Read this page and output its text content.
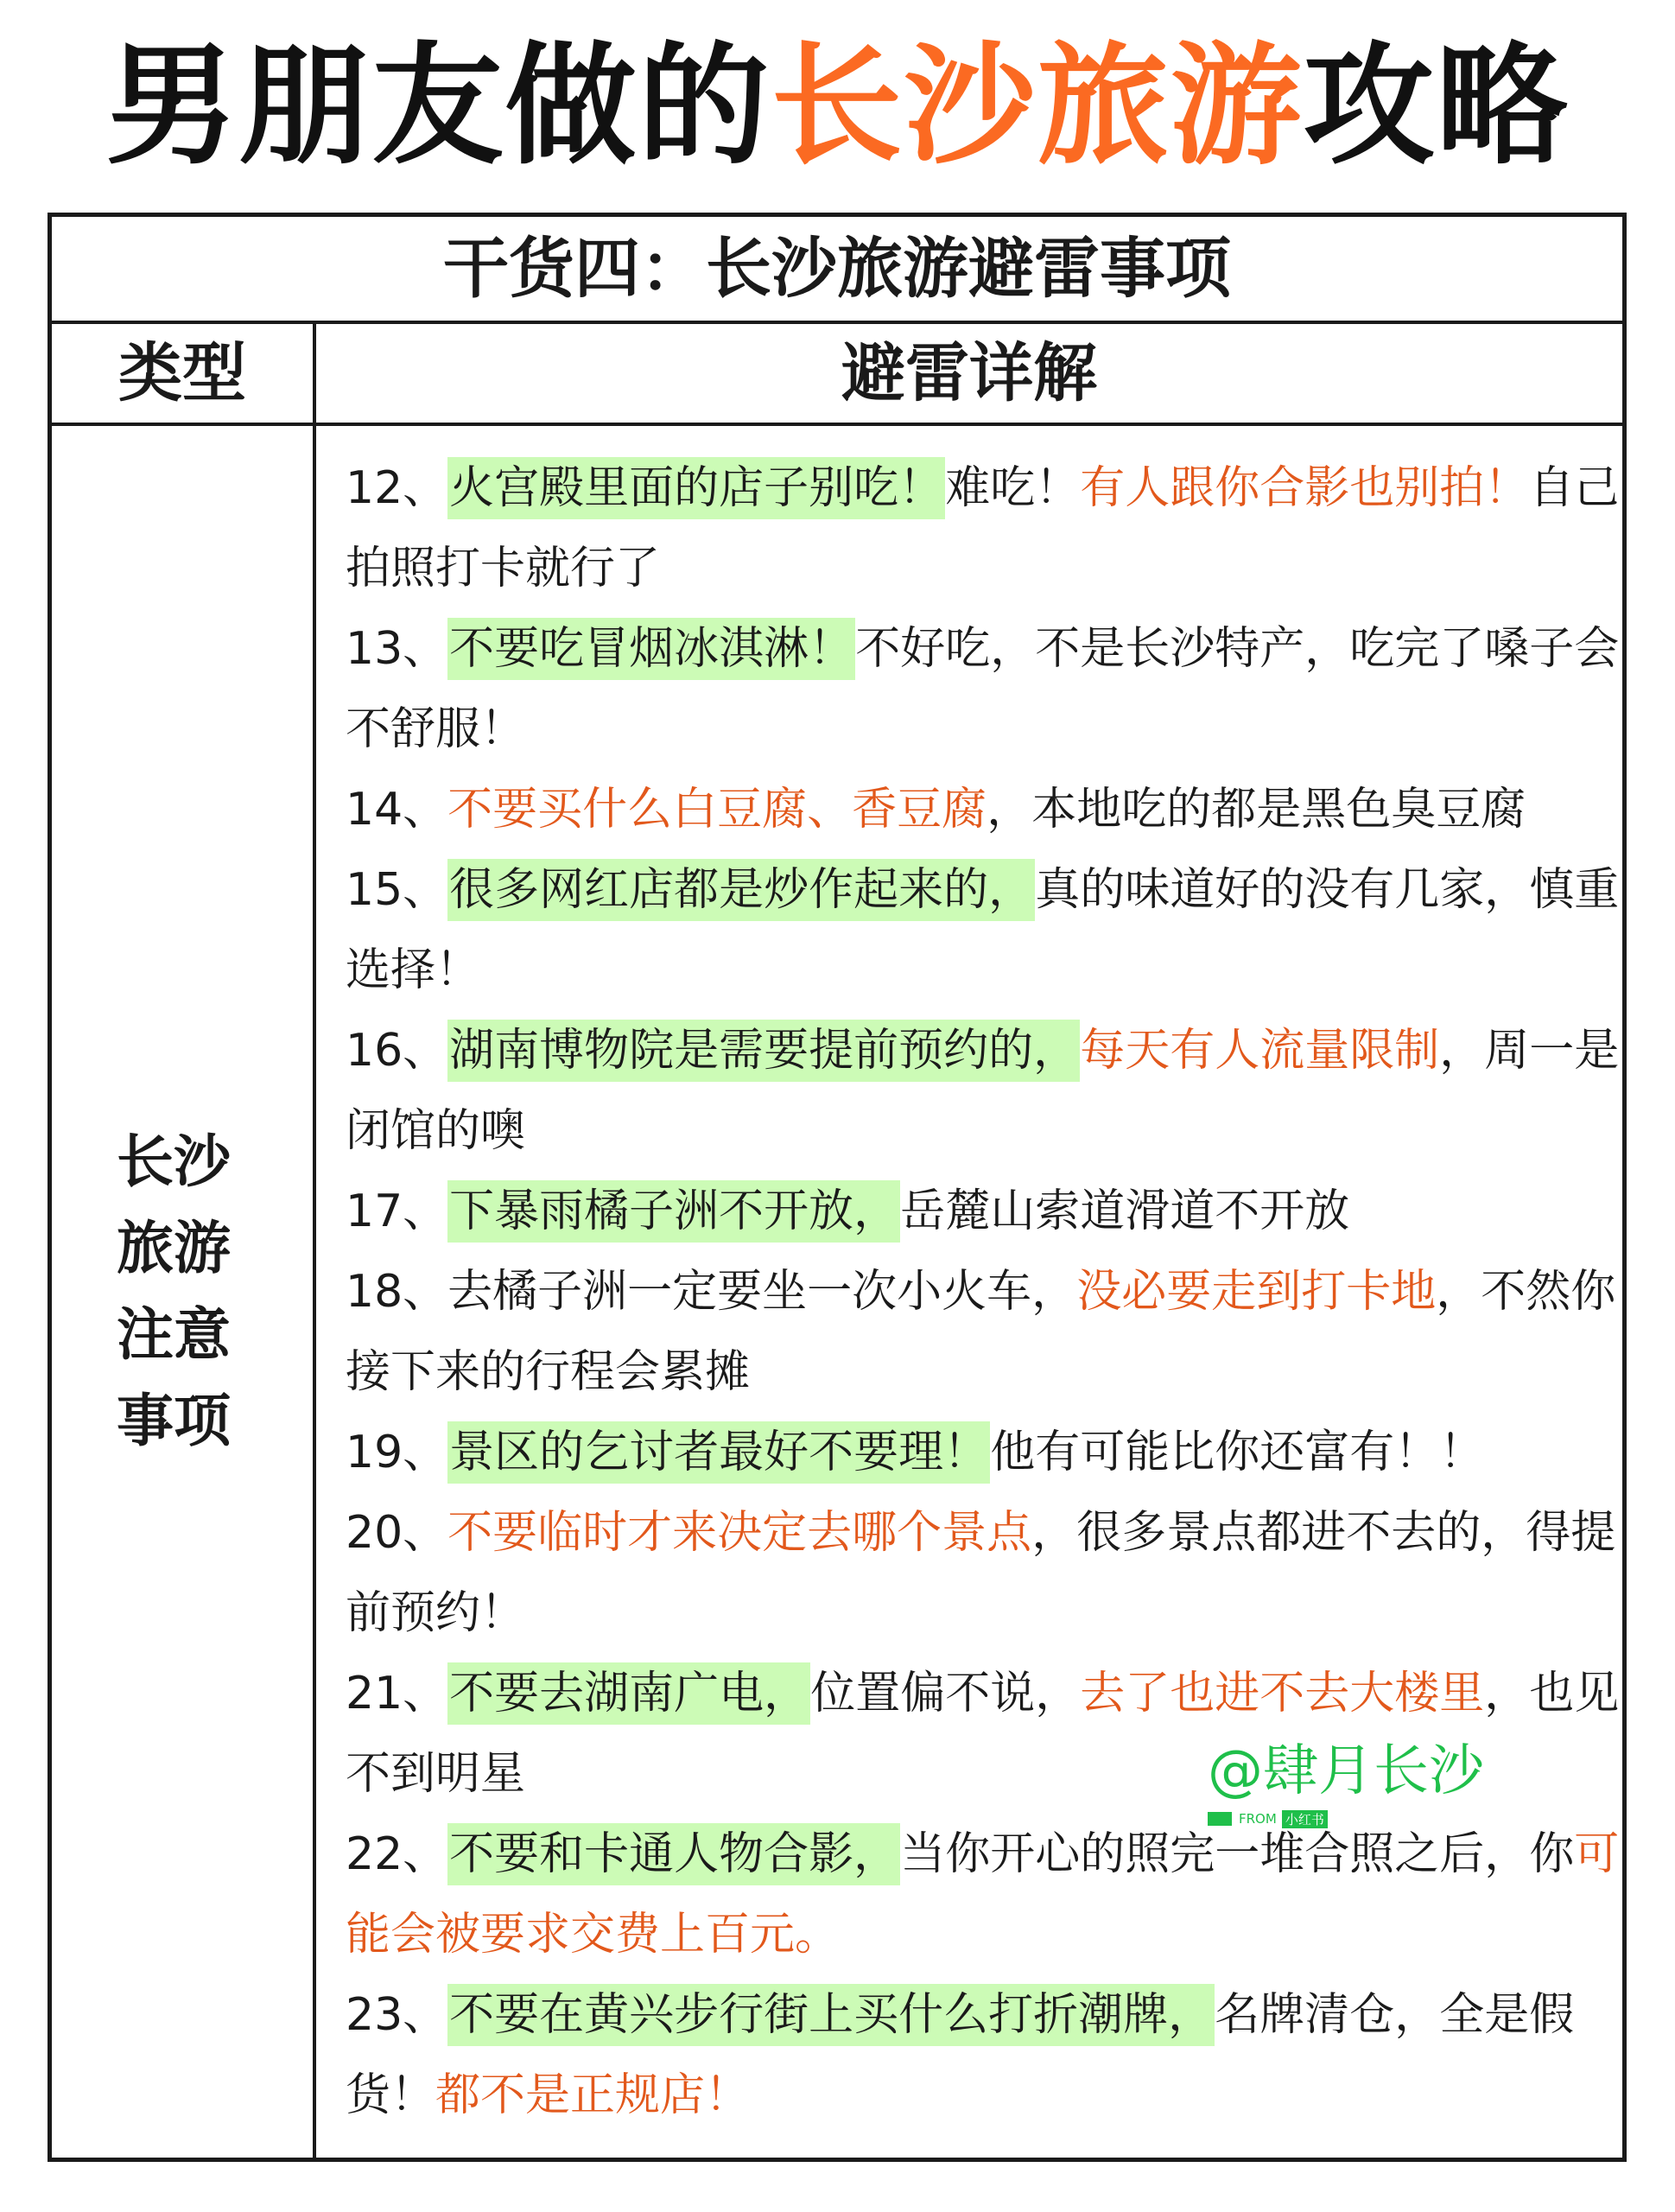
男朋友做的长沙旅游攻略
干货四：长沙旅游避雷事项
类型	避雷详解
长沙
旅游
注意
事项
12、火宫殿里面的店子别吃！难吃！有人跟你合影也别拍！自己拍照打卡就行了
13、不要吃冒烟冰淇淋！不好吃，不是长沙特产，吃完了嗓子会不舒服！
14、不要买什么白豆腐、香豆腐，本地吃的都是黑色臭豆腐
15、很多网红店都是炒作起来的，真的味道好的没有几家，慎重选择！
16、湖南博物院是需要提前预约的，每天有人流量限制，周一是闭馆的噢
17、下暴雨橘子洲不开放，岳麓山索道滑道不开放
18、去橘子洲一定要坐一次小火车，没必要走到打卡地，不然你接下来的行程会累摊
19、景区的乞讨者最好不要理！他有可能比你还富有！！
20、不要临时才来决定去哪个景点，很多景点都进不去的，得提前预约！
21、不要去湖南广电，位置偏不说，去了也进不去大楼里，也见不到明星
22、不要和卡通人物合影，当你开心的照完一堆合照之后，你可能会被要求交费上百元。
23、不要在黄兴步行街上买什么打折潮牌，名牌清仓，全是假货！都不是正规店！
@肆月长沙
FROM 小红书
